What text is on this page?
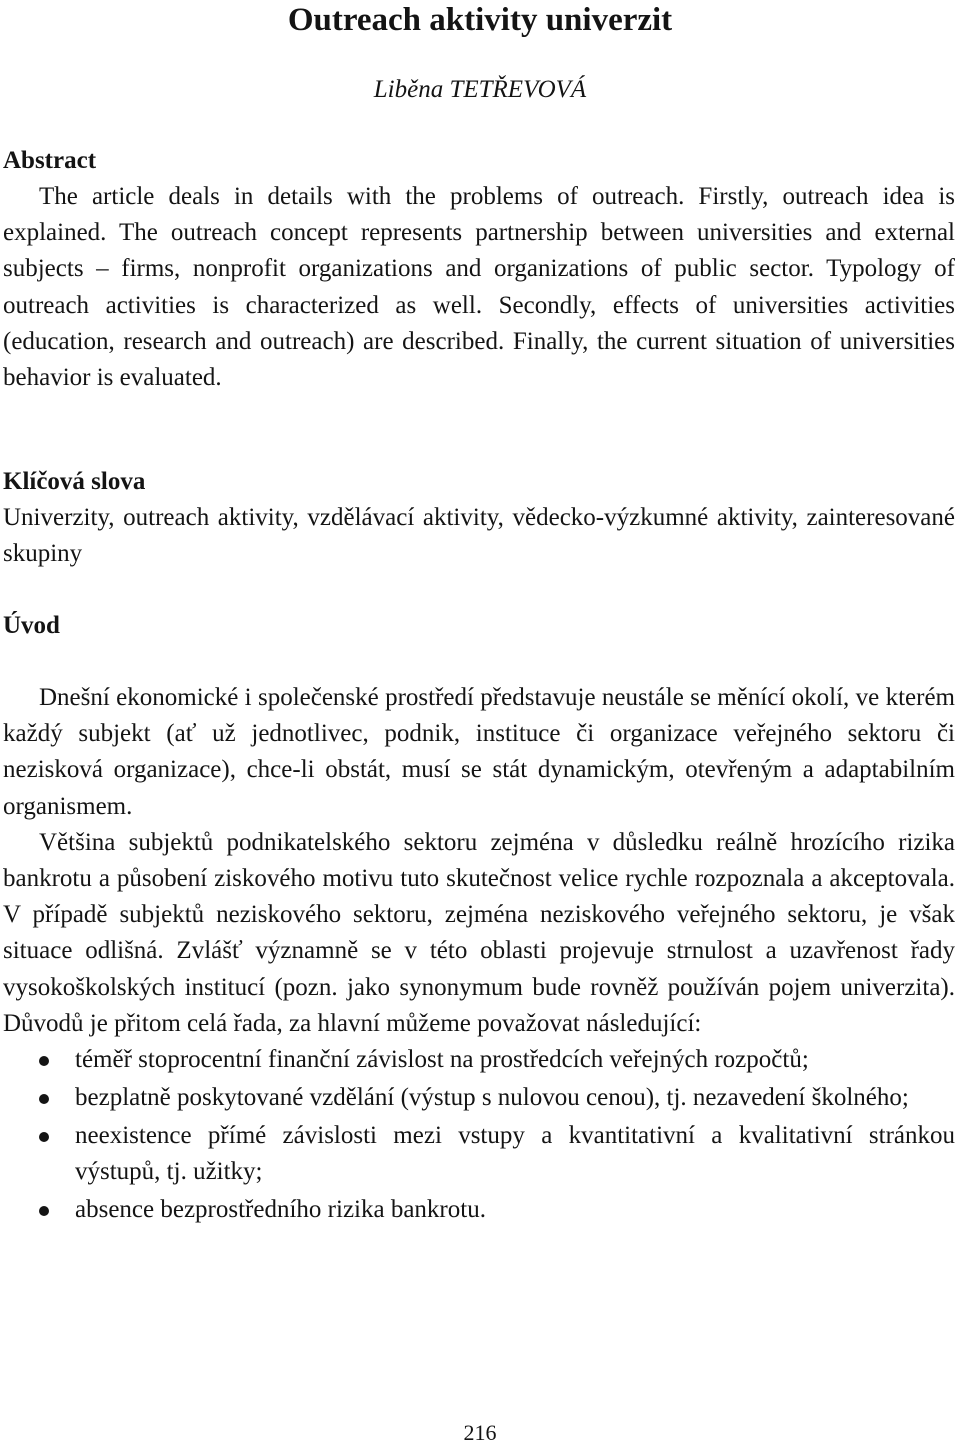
Outreach aktivity univerzit
Liběna TETŘEVOVÁ
Abstract

The article deals in details with the problems of outreach. Firstly, outreach idea is explained. The outreach concept represents partnership between universities and external subjects – firms, nonprofit organizations and organizations of public sector. Typology of outreach activities is characterized as well. Secondly, effects of universities activities (education, research and outreach) are described. Finally, the current situation of universities behavior is evaluated.

Klíčová slova

Univerzity, outreach aktivity, vzdělávací aktivity, vědecko-výzkumné aktivity, zainteresované skupiny

Úvod

Dnešní ekonomické i společenské prostředí představuje neustále se měnící okolí, ve kterém každý subjekt (ať už jednotlivec, podnik, instituce či organizace veřejného sektoru či nezisková organizace), chce-li obstát, musí se stát dynamickým, otevřeným a adaptabilním organismem.

Většina subjektů podnikatelského sektoru zejména v důsledku reálně hrozícího rizika bankrotu a působení ziskového motivu tuto skutečnost velice rychle rozpoznala a akceptovala. V případě subjektů neziskového sektoru, zejména neziskového veřejného sektoru, je však situace odlišná. Zvlášť významně se v této oblasti projevuje strnulost a uzavřenost řady vysokoškolských institucí (pozn. jako synonymum bude rovněž používán pojem univerzita). Důvodů je přitom celá řada, za hlavní můžeme považovat následující:

téměř stoprocentní finanční závislost na prostředcích veřejných rozpočtů;
bezplatně poskytované vzdělání (výstup s nulovou cenou), tj. nezavedení školného;
neexistence přímé závislosti mezi vstupy a kvantitativní a kvalitativní stránkou výstupů, tj. užitky;
absence bezprostředního rizika bankrotu.
216
